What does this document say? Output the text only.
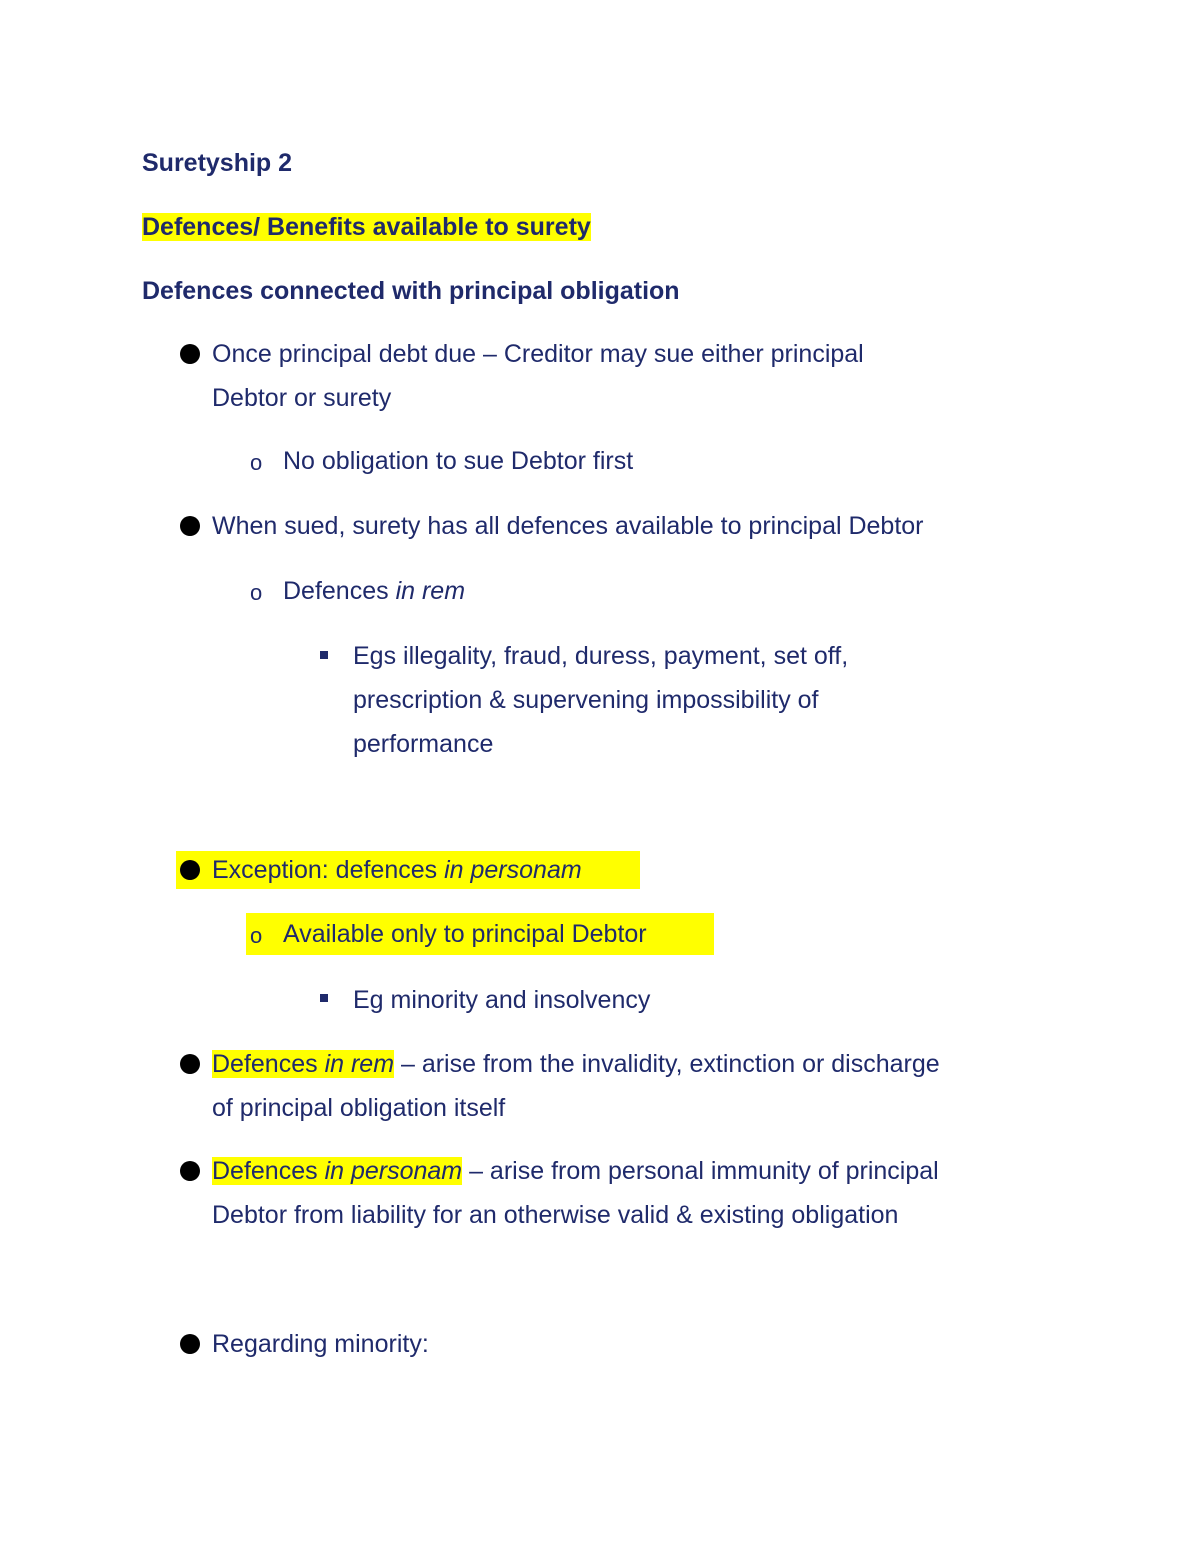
Suretyship 2
Defences/ Benefits available to surety
Defences connected with principal obligation
Once principal debt due – Creditor may sue either principal
Debtor or surety
o No obligation to sue Debtor first
When sued, surety has all defences available to principal Debtor
o Defences in rem
Egs illegality, fraud, duress, payment, set off,
prescription & supervening impossibility of
performance
Exception: defences in personam
o Available only to principal Debtor
Eg minority and insolvency
Defences in rem – arise from the invalidity, extinction or discharge
of principal obligation itself
Defences in personam – arise from personal immunity of principal
Debtor from liability for an otherwise valid & existing obligation
Regarding minority:
